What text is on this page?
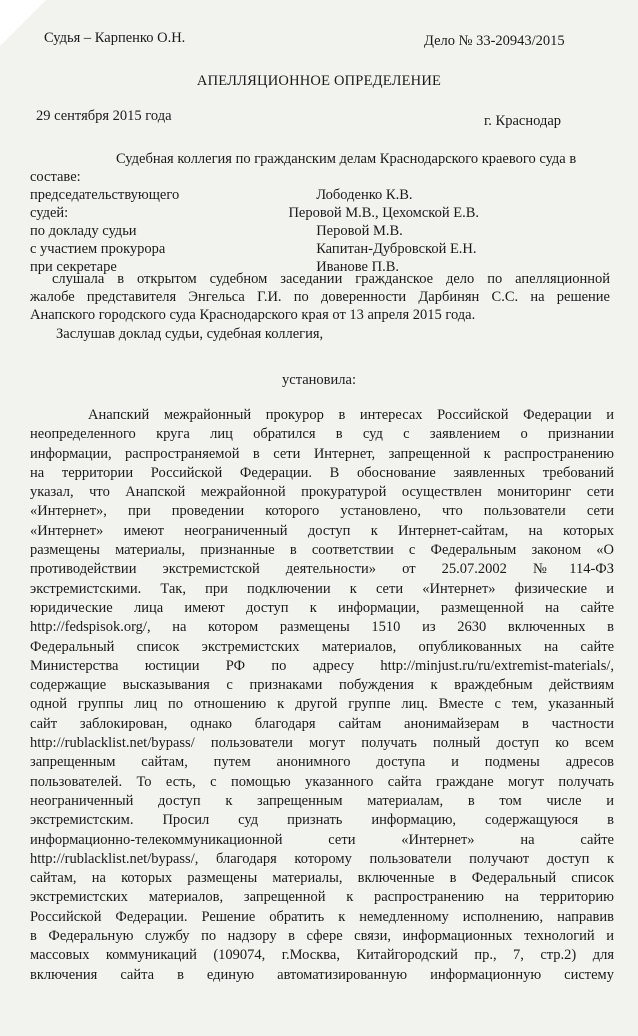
Судья – Карпенко О.Н.	Дело № 33-20943/2015
АПЕЛЛЯЦИОННОЕ ОПРЕДЕЛЕНИЕ
29 сентября 2015 года	г. Краснодар

Судебная коллегия по гражданским делам Краснодарского краевого суда в

составе:

председательствующего	Лободенко К.В.
судей:	Перовой М.В., Цехомской Е.В.
по докладу судьи	Перовой М.В.
с участием прокурора	Капитан-Дубровской Е.Н.
при секретаре	Иванове П.В.

слушала в открытом судебном заседании гражданское дело по апелляционной

жалобе представителя Энгельса Г.И. по доверенности Дарбинян С.С. на решение

Анапского городского суда Краснодарского края от 13 апреля 2015 года.

Заслушав доклад судьи, судебная коллегия,
установила:
Анапский межрайонный прокурор в интересах Российской Федерации и
неопределенного круга лиц обратился в суд с заявлением о признании
информации, распространяемой в сети Интернет, запрещенной к распространению
на территории Российской Федерации. В обоснование заявленных требований
указал, что Анапской межрайонной прокуратурой осуществлен мониторинг сети
«Интернет», при проведении которого установлено, что пользователи сети
«Интернет» имеют неограниченный доступ к Интернет-сайтам, на которых
размещены материалы, признанные в соответствии с Федеральным законом «О
противодействии экстремистской деятельности» от 25.07.2002 №114-ФЗ
экстремистскими. Так, при подключении к сети «Интернет» физические и
юридические лица имеют доступ к информации, размещенной на сайте
http://fedspisok.org/, на котором размещены 1510 из 2630 включенных в
Федеральный список экстремистских материалов, опубликованных на сайте
Министерства юстиции РФ по адресу http://minjust.ru/ru/extremist-materials/,
содержащие высказывания с признаками побуждения к враждебным действиям
одной группы лиц по отношению к другой группе лиц. Вместе с тем, указанный
сайт заблокирован, однако благодаря сайтам анонимайзерам в частности
http://rublacklist.net/bypass/ пользователи могут получать полный доступ ко всем
запрещенным сайтам, путем анонимного доступа и подмены адресов
пользователей. То есть, с помощью указанного сайта граждане могут получать
неограниченный доступ к запрещенным материалам, в том числе и
экстремистским. Просил суд признать информацию, содержащуюся в
информационно-телекоммуникационной сети «Интернет» на сайте
http://rublacklist.net/bypass/, благодаря которому пользователи получают доступ к
сайтам, на которых размещены материалы, включенные в Федеральный список
экстремистских материалов, запрещенной к распространению на территорию
Российской Федерации. Решение обратить к немедленному исполнению, направив
в Федеральную службу по надзору в сфере связи, информационных технологий и
массовых коммуникаций (109074, г.Москва, Китайгородский пр., 7, стр.2) для
включения сайта в единую автоматизированную информационную систему
